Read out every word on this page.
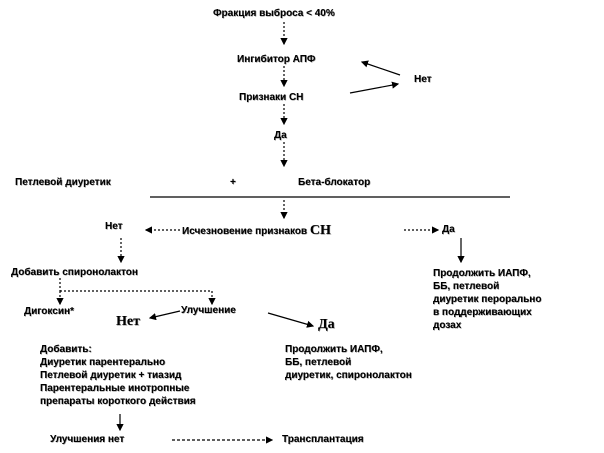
Фракция выброса < 40%
Ингибитор АПФ
Нет
Признаки СН
Да
Петлевой диуретик	+	Бета-блокатор
Нет	Исчезновение признаков СН	Да
Добавить спиронолактон	Продолжить ИАПФ,
ББ, петлевой
диуретик перорально
в поддерживающих
дозах
Дигоксин*	Улучшение
Нет	Да
Добавить:
Диуретик парентерально
Петлевой диуретик + тиазид
Парентеральные инотропные
препараты короткого действия
Продолжить ИАПФ,
ББ, петлевой
диуретик, спиронолактон
Улучшения нет	Трансплантация
